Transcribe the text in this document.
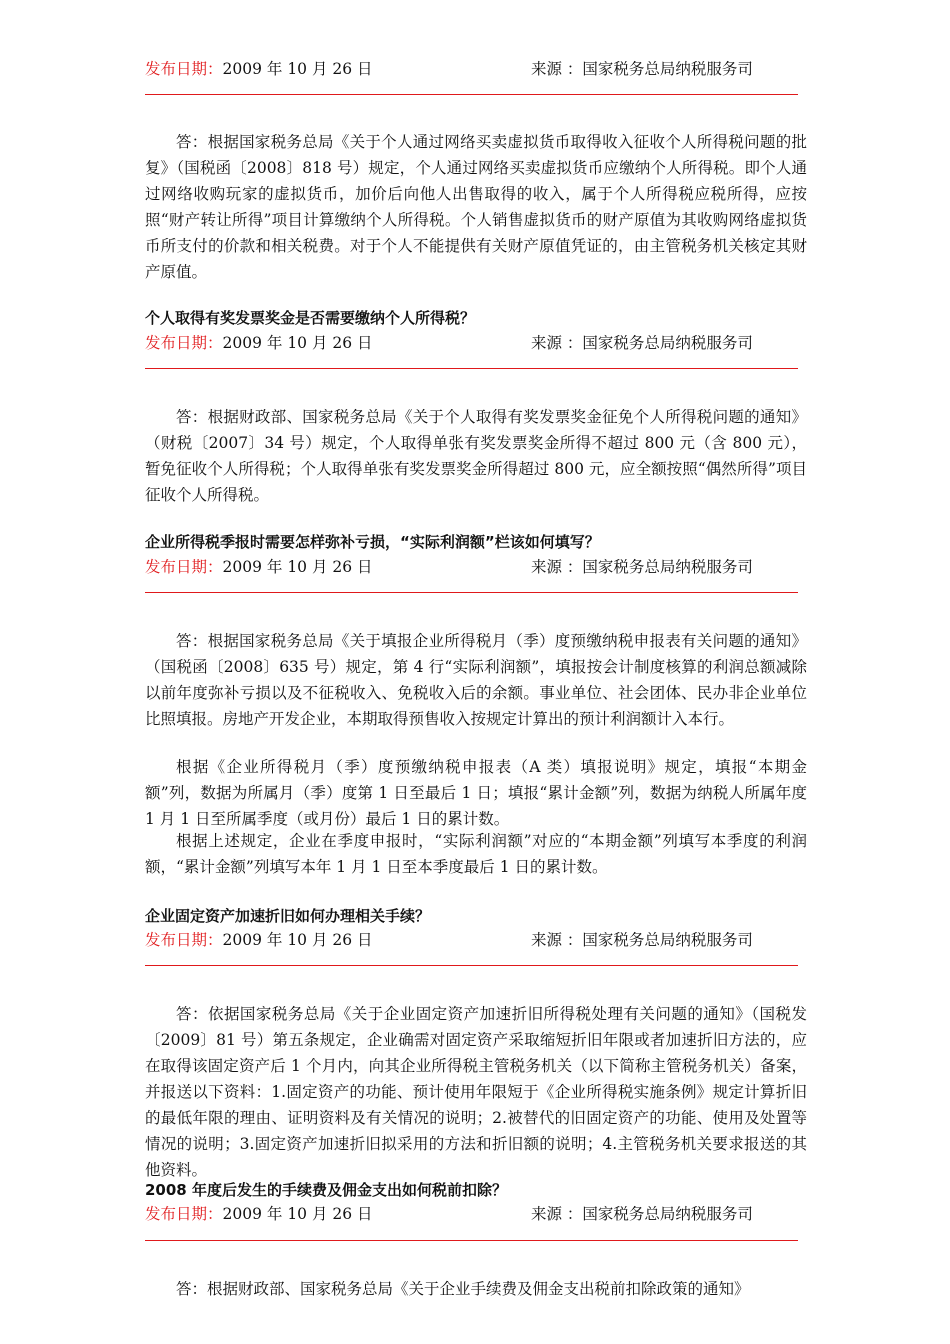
发布日期：2009 年 10 月 26 日	来源 ：国家税务总局纳税服务司

答：根据国家税务总局《关于个人通过网络买卖虚拟货币取得收入征收个人所得税问题的批复》（国税函〔2008〕818 号）规定，个人通过网络买卖虚拟货币应缴纳个人所得税。即个人通过网络收购玩家的虚拟货币，加价后向他人出售取得的收入，属于个人所得税应税所得，应按照“财产转让所得”项目计算缴纳个人所得税。个人销售虚拟货币的财产原值为其收购网络虚拟货币所支付的价款和相关税费。对于个人不能提供有关财产原值凭证的，由主管税务机关核定其财产原值。

个人取得有奖发票奖金是否需要缴纳个人所得税？
发布日期：2009 年 10 月 26 日	来源 ：国家税务总局纳税服务司

答：根据财政部、国家税务总局《关于个人取得有奖发票奖金征免个人所得税问题的通知》（财税〔2007〕34 号）规定，个人取得单张有奖发票奖金所得不超过 800 元（含 800 元），暂免征收个人所得税；个人取得单张有奖发票奖金所得超过 800 元，应全额按照“偶然所得”项目征收个人所得税。

企业所得税季报时需要怎样弥补亏损，“实际利润额”栏该如何填写？
发布日期：2009 年 10 月 26 日	来源 ：国家税务总局纳税服务司

答：根据国家税务总局《关于填报企业所得税月（季）度预缴纳税申报表有关问题的通知》（国税函〔2008〕635 号）规定，第 4 行“实际利润额”，填报按会计制度核算的利润总额减除以前年度弥补亏损以及不征税收入、免税收入后的余额。事业单位、社会团体、民办非企业单位比照填报。房地产开发企业，本期取得预售收入按规定计算出的预计利润额计入本行。

根据《企业所得税月（季）度预缴纳税申报表（A 类）填报说明》规定，填报“本期金额”列，数据为所属月（季）度第 1 日至最后 1 日；填报“累计金额”列，数据为纳税人所属年度 1 月 1 日至所属季度（或月份）最后 1 日的累计数。

根据上述规定，企业在季度申报时，“实际利润额”对应的“本期金额”列填写本季度的利润额，“累计金额”列填写本年 1 月 1 日至本季度最后 1 日的累计数。

企业固定资产加速折旧如何办理相关手续？
发布日期：2009 年 10 月 26 日	来源 ：国家税务总局纳税服务司

答：依据国家税务总局《关于企业固定资产加速折旧所得税处理有关问题的通知》（国税发〔2009〕81 号）第五条规定，企业确需对固定资产采取缩短折旧年限或者加速折旧方法的，应在取得该固定资产后 1 个月内，向其企业所得税主管税务机关（以下简称主管税务机关）备案，并报送以下资料：1.固定资产的功能、预计使用年限短于《企业所得税实施条例》规定计算折旧的最低年限的理由、证明资料及有关情况的说明；2.被替代的旧固定资产的功能、使用及处置等情况的说明；3.固定资产加速折旧拟采用的方法和折旧额的说明；4.主管税务机关要求报送的其他资料。

2008 年度后发生的手续费及佣金支出如何税前扣除？
发布日期：2009 年 10 月 26 日	来源 ：国家税务总局纳税服务司

答：根据财政部、国家税务总局《关于企业手续费及佣金支出税前扣除政策的通知》
